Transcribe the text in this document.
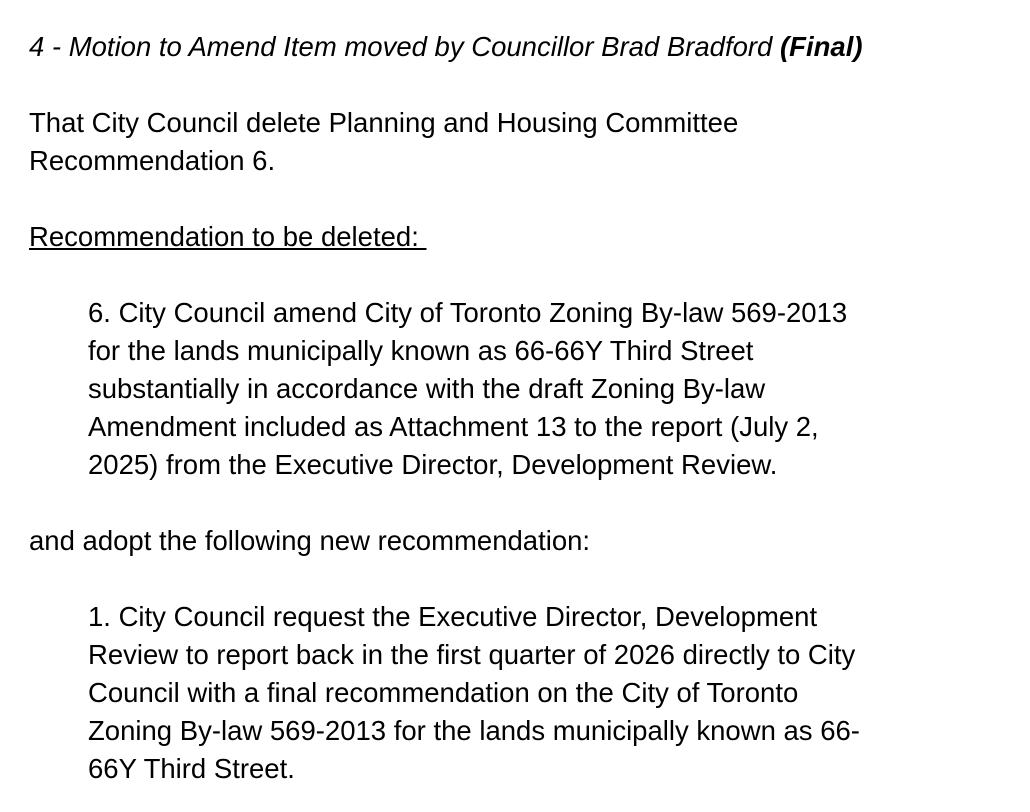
4 - Motion to Amend Item moved by Councillor Brad Bradford (Final)

That City Council delete Planning and Housing Committee
Recommendation 6.

Recommendation to be deleted:

6. City Council amend City of Toronto Zoning By-law 569-2013
for the lands municipally known as 66-66Y Third Street
substantially in accordance with the draft Zoning By-law
Amendment included as Attachment 13 to the report (July 2,
2025) from the Executive Director, Development Review.

and adopt the following new recommendation:

1. City Council request the Executive Director, Development
Review to report back in the first quarter of 2026 directly to City
Council with a final recommendation on the City of Toronto
Zoning By-law 569-2013 for the lands municipally known as 66-
66Y Third Street.
